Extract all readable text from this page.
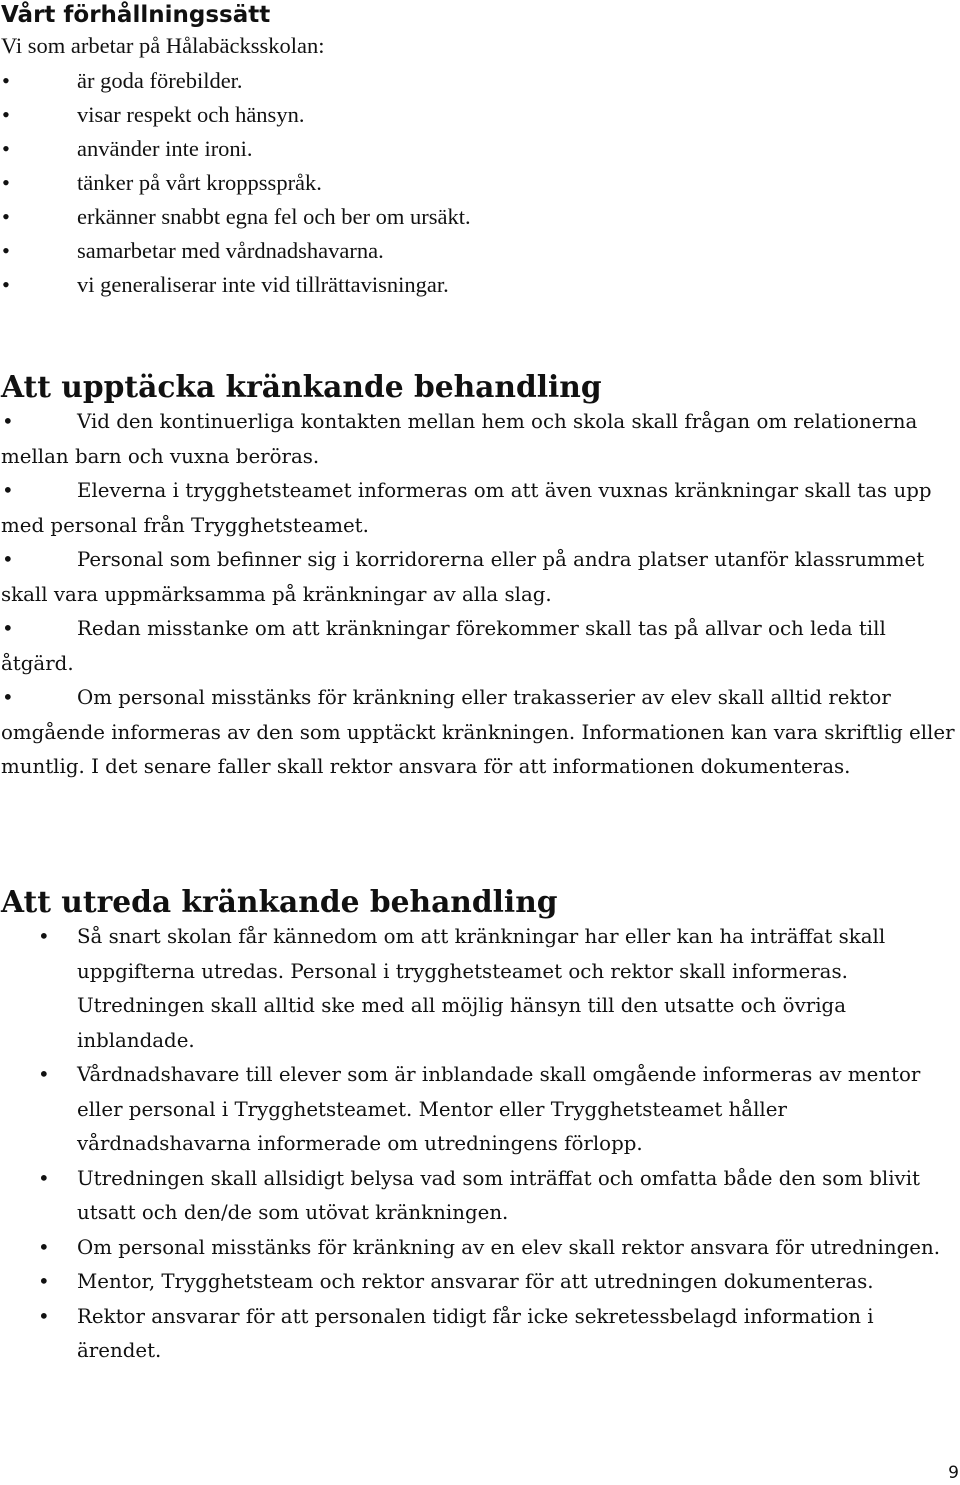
Vårt förhållningssätt
Vi som arbetar på Hålabäcksskolan:
•	är goda förebilder.
•	visar respekt och hänsyn.
•	använder inte ironi.
•	tänker på vårt kroppsspråk.
•	erkänner snabbt egna fel och ber om ursäkt.
•	samarbetar med vårdnadshavarna.
•	vi generaliserar inte vid tillrättavisningar.
Att upptäcka kränkande behandling

•	Vid den kontinuerliga kontakten mellan hem och skola skall frågan om relationerna mellan barn och vuxna beröras.

•	Eleverna i trygghetsteamet informeras om att även vuxnas kränkningar skall tas upp med personal från Trygghetsteamet.

•	Personal som befinner sig i korridorerna eller på andra platser utanför klassrummet skall vara uppmärksamma på kränkningar av alla slag.

•	Redan misstanke om att kränkningar förekommer skall tas på allvar och leda till åtgärd.

•	Om personal misstänks för kränkning eller trakasserier av elev skall alltid rektor omgående informeras av den som upptäckt kränkningen. Informationen kan vara skriftlig eller muntlig. I det senare faller skall rektor ansvara för att informationen dokumenteras.

Att utreda kränkande behandling
• Så snart skolan får kännedom om att kränkningar har eller kan ha inträffat skall uppgifterna utredas. Personal i trygghetsteamet och rektor skall informeras. Utredningen skall alltid ske med all möjlig hänsyn till den utsatte och övriga inblandade.
• Vårdnadshavare till elever som är inblandade skall omgående informeras av mentor eller personal i Trygghetsteamet. Mentor eller Trygghetsteamet håller vårdnadshavarna informerade om utredningens förlopp.
• Utredningen skall allsidigt belysa vad som inträffat och omfatta både den som blivit utsatt och den/de som utövat kränkningen.
• Om personal misstänks för kränkning av en elev skall rektor ansvara för utredningen.
• Mentor, Trygghetsteam och rektor ansvarar för att utredningen dokumenteras.
• Rektor ansvarar för att personalen tidigt får icke sekretessbelagd information i ärendet.
9
